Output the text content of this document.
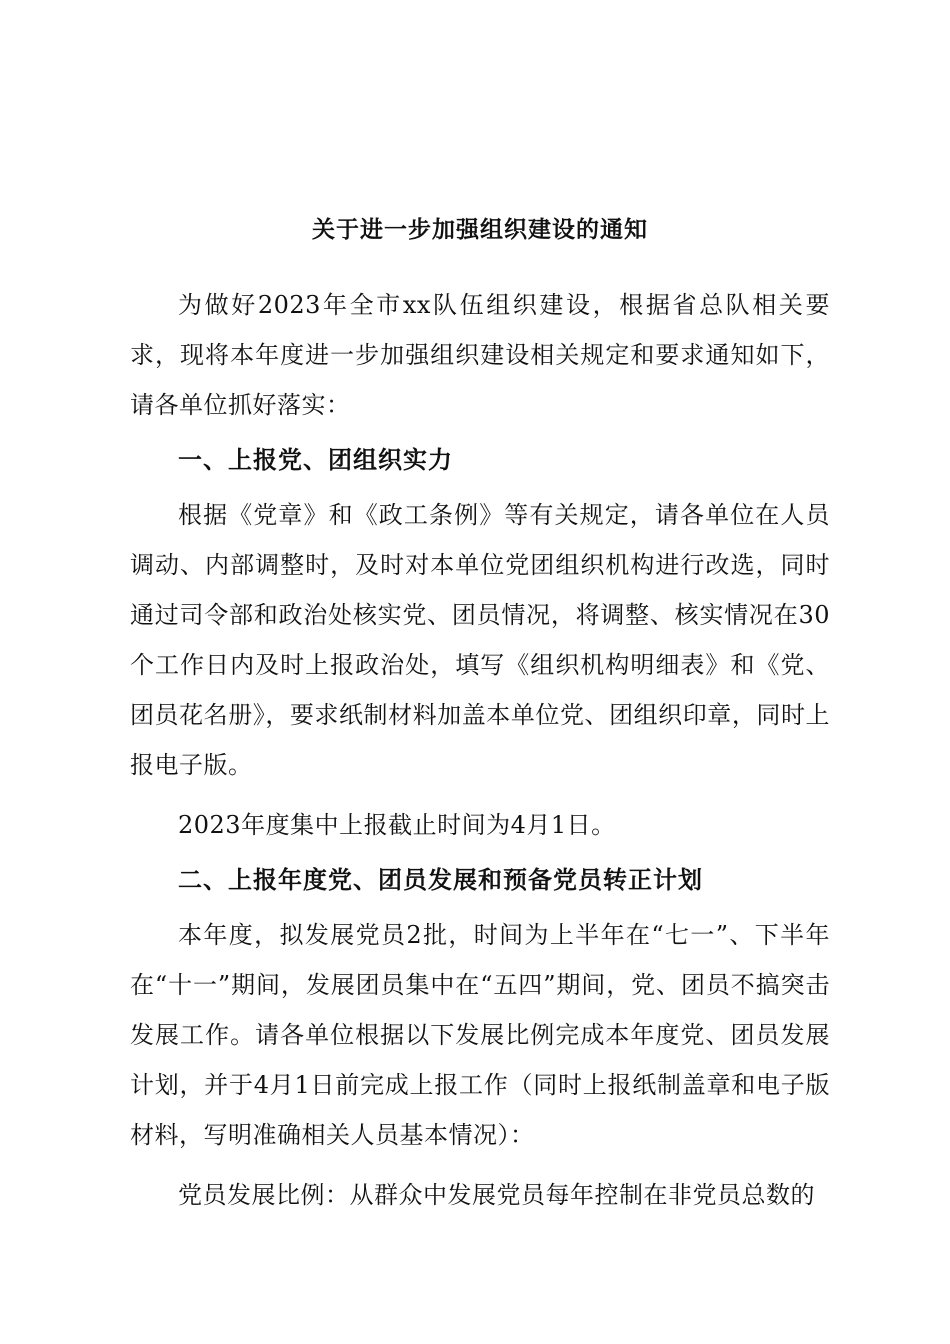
关于进一步加强组织建设的通知

为做好2023年全市xx队伍组织建设，根据省总队相关要求，现将本年度进一步加强组织建设相关规定和要求通知如下，请各单位抓好落实：

一、上报党、团组织实力

根据《党章》和《政工条例》等有关规定，请各单位在人员调动、内部调整时，及时对本单位党团组织机构进行改选，同时通过司令部和政治处核实党、团员情况，将调整、核实情况在30个工作日内及时上报政治处，填写《组织机构明细表》和《党、团员花名册》，要求纸制材料加盖本单位党、团组织印章，同时上报电子版。

2023年度集中上报截止时间为4月1日。

二、上报年度党、团员发展和预备党员转正计划

本年度，拟发展党员2批，时间为上半年在“七一”、下半年在“十一”期间，发展团员集中在“五四”期间，党、团员不搞突击发展工作。请各单位根据以下发展比例完成本年度党、团员发展计划，并于4月1日前完成上报工作（同时上报纸制盖章和电子版材料，写明准确相关人员基本情况）：

党员发展比例：从群众中发展党员每年控制在非党员总数的
